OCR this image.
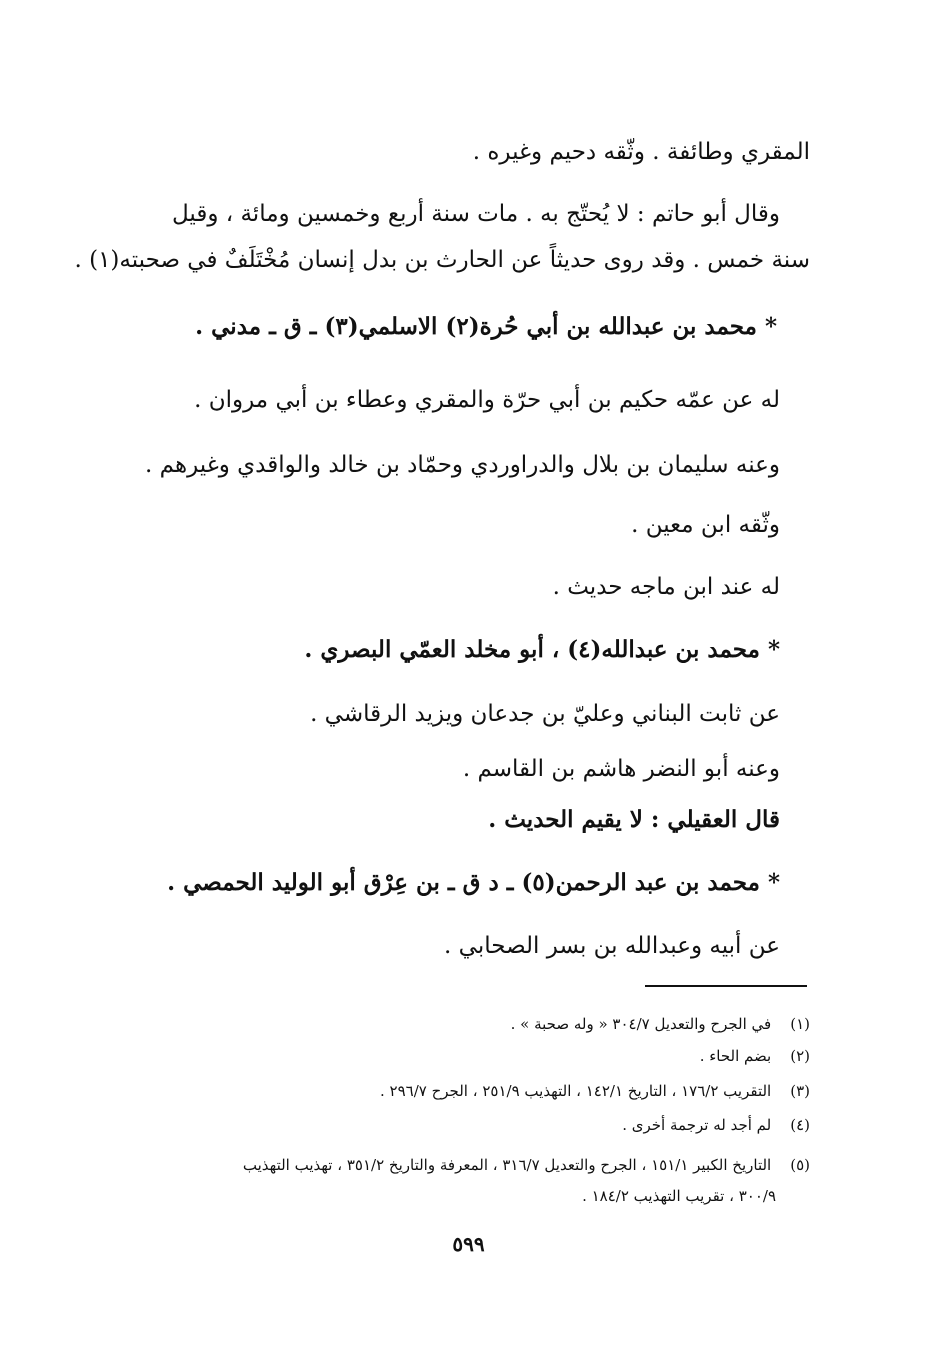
المقري وطائفة . وثّقه دحيم وغيره .
وقال أبو حاتم : لا يُحتّج به . مات سنة أربع وخمسين ومائة ، وقيل
سنة خمس . وقد روى حديثاً عن الحارث بن بدل إنسان مُخْتَلَفٌ في صحبته(١) .
* محمد بن عبدالله بن أبي حُرة(٢) الاسلمي(٣) ـ ق ـ مدني .
له عن عمّه حكيم بن أبي حرّة والمقري وعطاء بن أبي مروان .
وعنه سليمان بن بلال والدراوردي وحمّاد بن خالد والواقدي وغيرهم .
وثّقه ابن معين .
له عند ابن ماجه حديث .
* محمد بن عبدالله(٤) ، أبو مخلد العمّي البصري .
عن ثابت البناني وعليّ بن جدعان ويزيد الرقاشي .
وعنه أبو النضر هاشم بن القاسم .
قال العقيلي : لا يقيم الحديث .
* محمد بن عبد الرحمن(٥) ـ د ق ـ بن عِرْق أبو الوليد الحمصي .
عن أبيه وعبدالله بن بسر الصحابي .
(١) في الجرح والتعديل ٣٠٤/٧ « وله صحبة » .
(٢) بضم الحاء .
(٣) التقريب ١٧٦/٢ ، التاريخ ١٤٢/١ ، التهذيب ٢٥١/٩ ، الجرح ٢٩٦/٧ .
(٤) لم أجد له ترجمة أخرى .
(٥) التاريخ الكبير ١٥١/١ ، الجرح والتعديل ٣١٦/٧ ، المعرفة والتاريخ ٣٥١/٢ ، تهذيب التهذيب
٣٠٠/٩ ، تقريب التهذيب ١٨٤/٢ .
٥٩٩
